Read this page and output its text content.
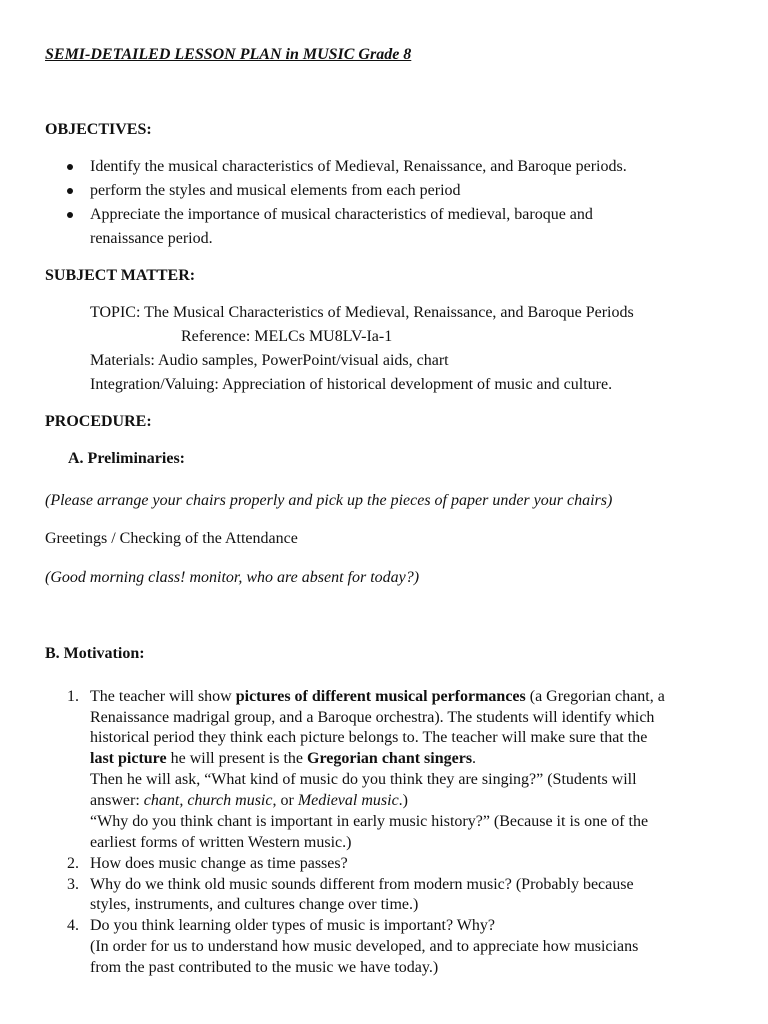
SEMI-DETAILED LESSON PLAN in MUSIC Grade 8

OBJECTIVES:

Identify the musical characteristics of Medieval, Renaissance, and Baroque periods.

perform the styles and musical elements from each period

Appreciate the importance of musical characteristics of medieval, baroque and

renaissance period.

SUBJECT MATTER:

TOPIC: The Musical Characteristics of Medieval, Renaissance, and Baroque Periods

Reference: MELCs MU8LV-Ia-1

Materials: Audio samples, PowerPoint/visual aids, chart

Integration/Valuing: Appreciation of historical development of music and culture.

PROCEDURE:

A. Preliminaries:

(Please arrange your chairs properly and pick up the pieces of paper under your chairs)

Greetings / Checking of the Attendance

(Good morning class! monitor, who are absent for today?)

B. Motivation:

1. The teacher will show pictures of different musical performances (a Gregorian chant, a

Renaissance madrigal group, and a Baroque orchestra). The students will identify which

historical period they think each picture belongs to. The teacher will make sure that the

last picture he will present is the Gregorian chant singers.

Then he will ask, “What kind of music do you think they are singing?” (Students will

answer: chant, church music, or Medieval music.)

“Why do you think chant is important in early music history?” (Because it is one of the

earliest forms of written Western music.)

2. How does music change as time passes?

3. Why do we think old music sounds different from modern music? (Probably because

styles, instruments, and cultures change over time.)

4. Do you think learning older types of music is important? Why?

(In order for us to understand how music developed, and to appreciate how musicians

from the past contributed to the music we have today.)
